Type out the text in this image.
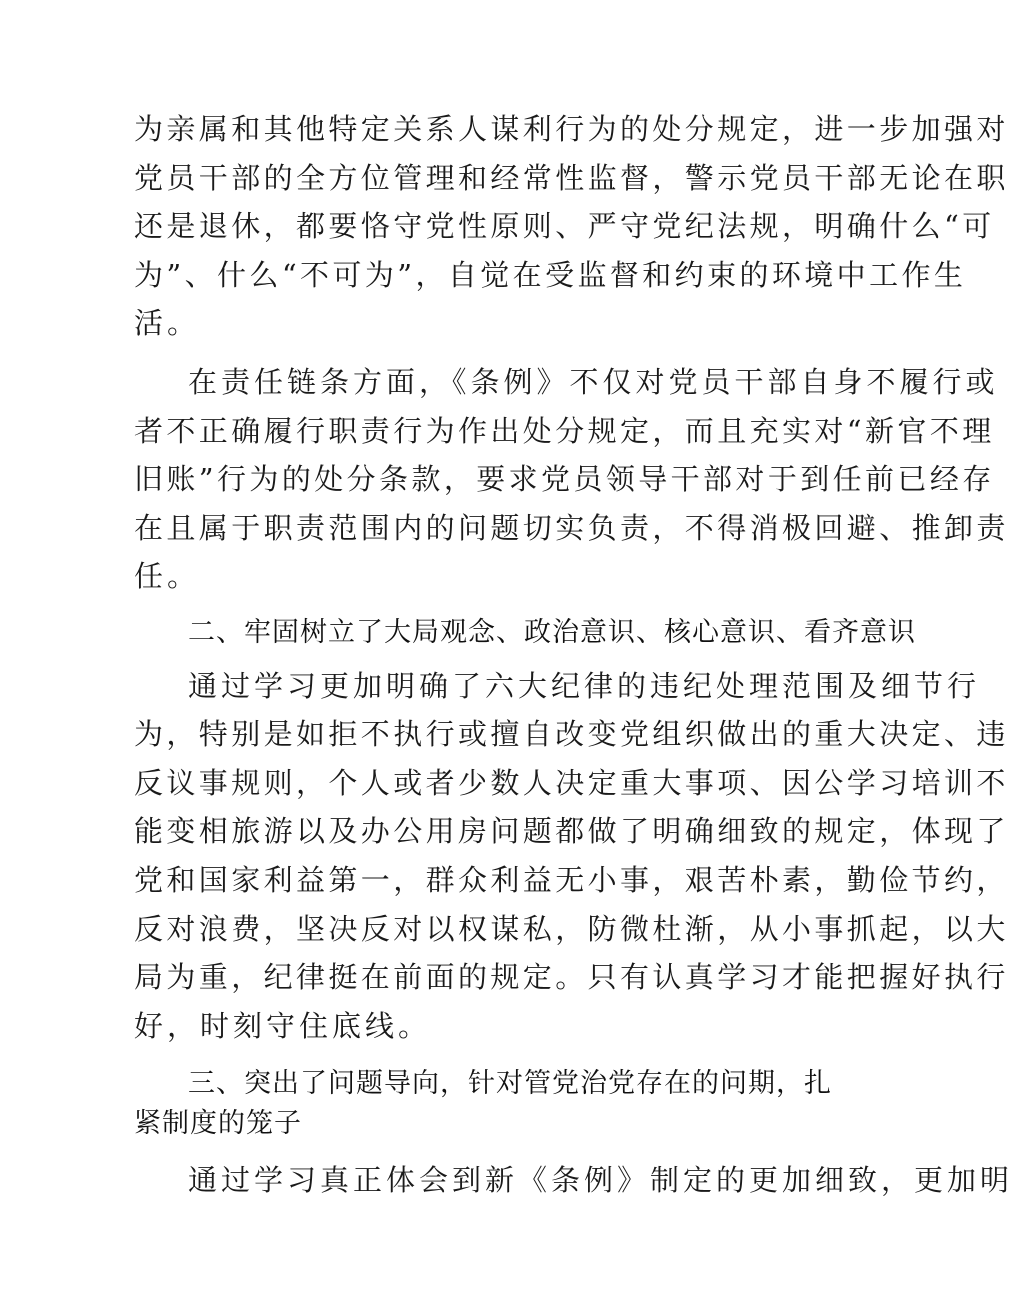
为亲属和其他特定关系人谋利行为的处分规定，进一步加强对
党员干部的全方位管理和经常性监督，警示党员干部无论在职
还是退休，都要恪守党性原则、严守党纪法规，明确什么“可
为”、什么“不可为”，自觉在受监督和约束的环境中工作生
活。
在责任链条方面，《条例》不仅对党员干部自身不履行或
者不正确履行职责行为作出处分规定，而且充实对“新官不理
旧账”行为的处分条款，要求党员领导干部对于到任前已经存
在且属于职责范围内的问题切实负责，不得消极回避、推卸责
任。
二、牢固树立了大局观念、政治意识、核心意识、看齐意识
通过学习更加明确了六大纪律的违纪处理范围及细节行
为，特别是如拒不执行或擅自改变党组织做出的重大决定、违
反议事规则，个人或者少数人决定重大事项、因公学习培训不
能变相旅游以及办公用房问题都做了明确细致的规定，体现了
党和国家利益第一，群众利益无小事，艰苦朴素，勤俭节约，
反对浪费，坚决反对以权谋私，防微杜渐，从小事抓起，以大
局为重，纪律挺在前面的规定。只有认真学习才能把握好执行
好，时刻守住底线。
三、突出了问题导向，针对管党治党存在的问期，扎
紧制度的笼子
通过学习真正体会到新《条例》制定的更加细致，更加明
